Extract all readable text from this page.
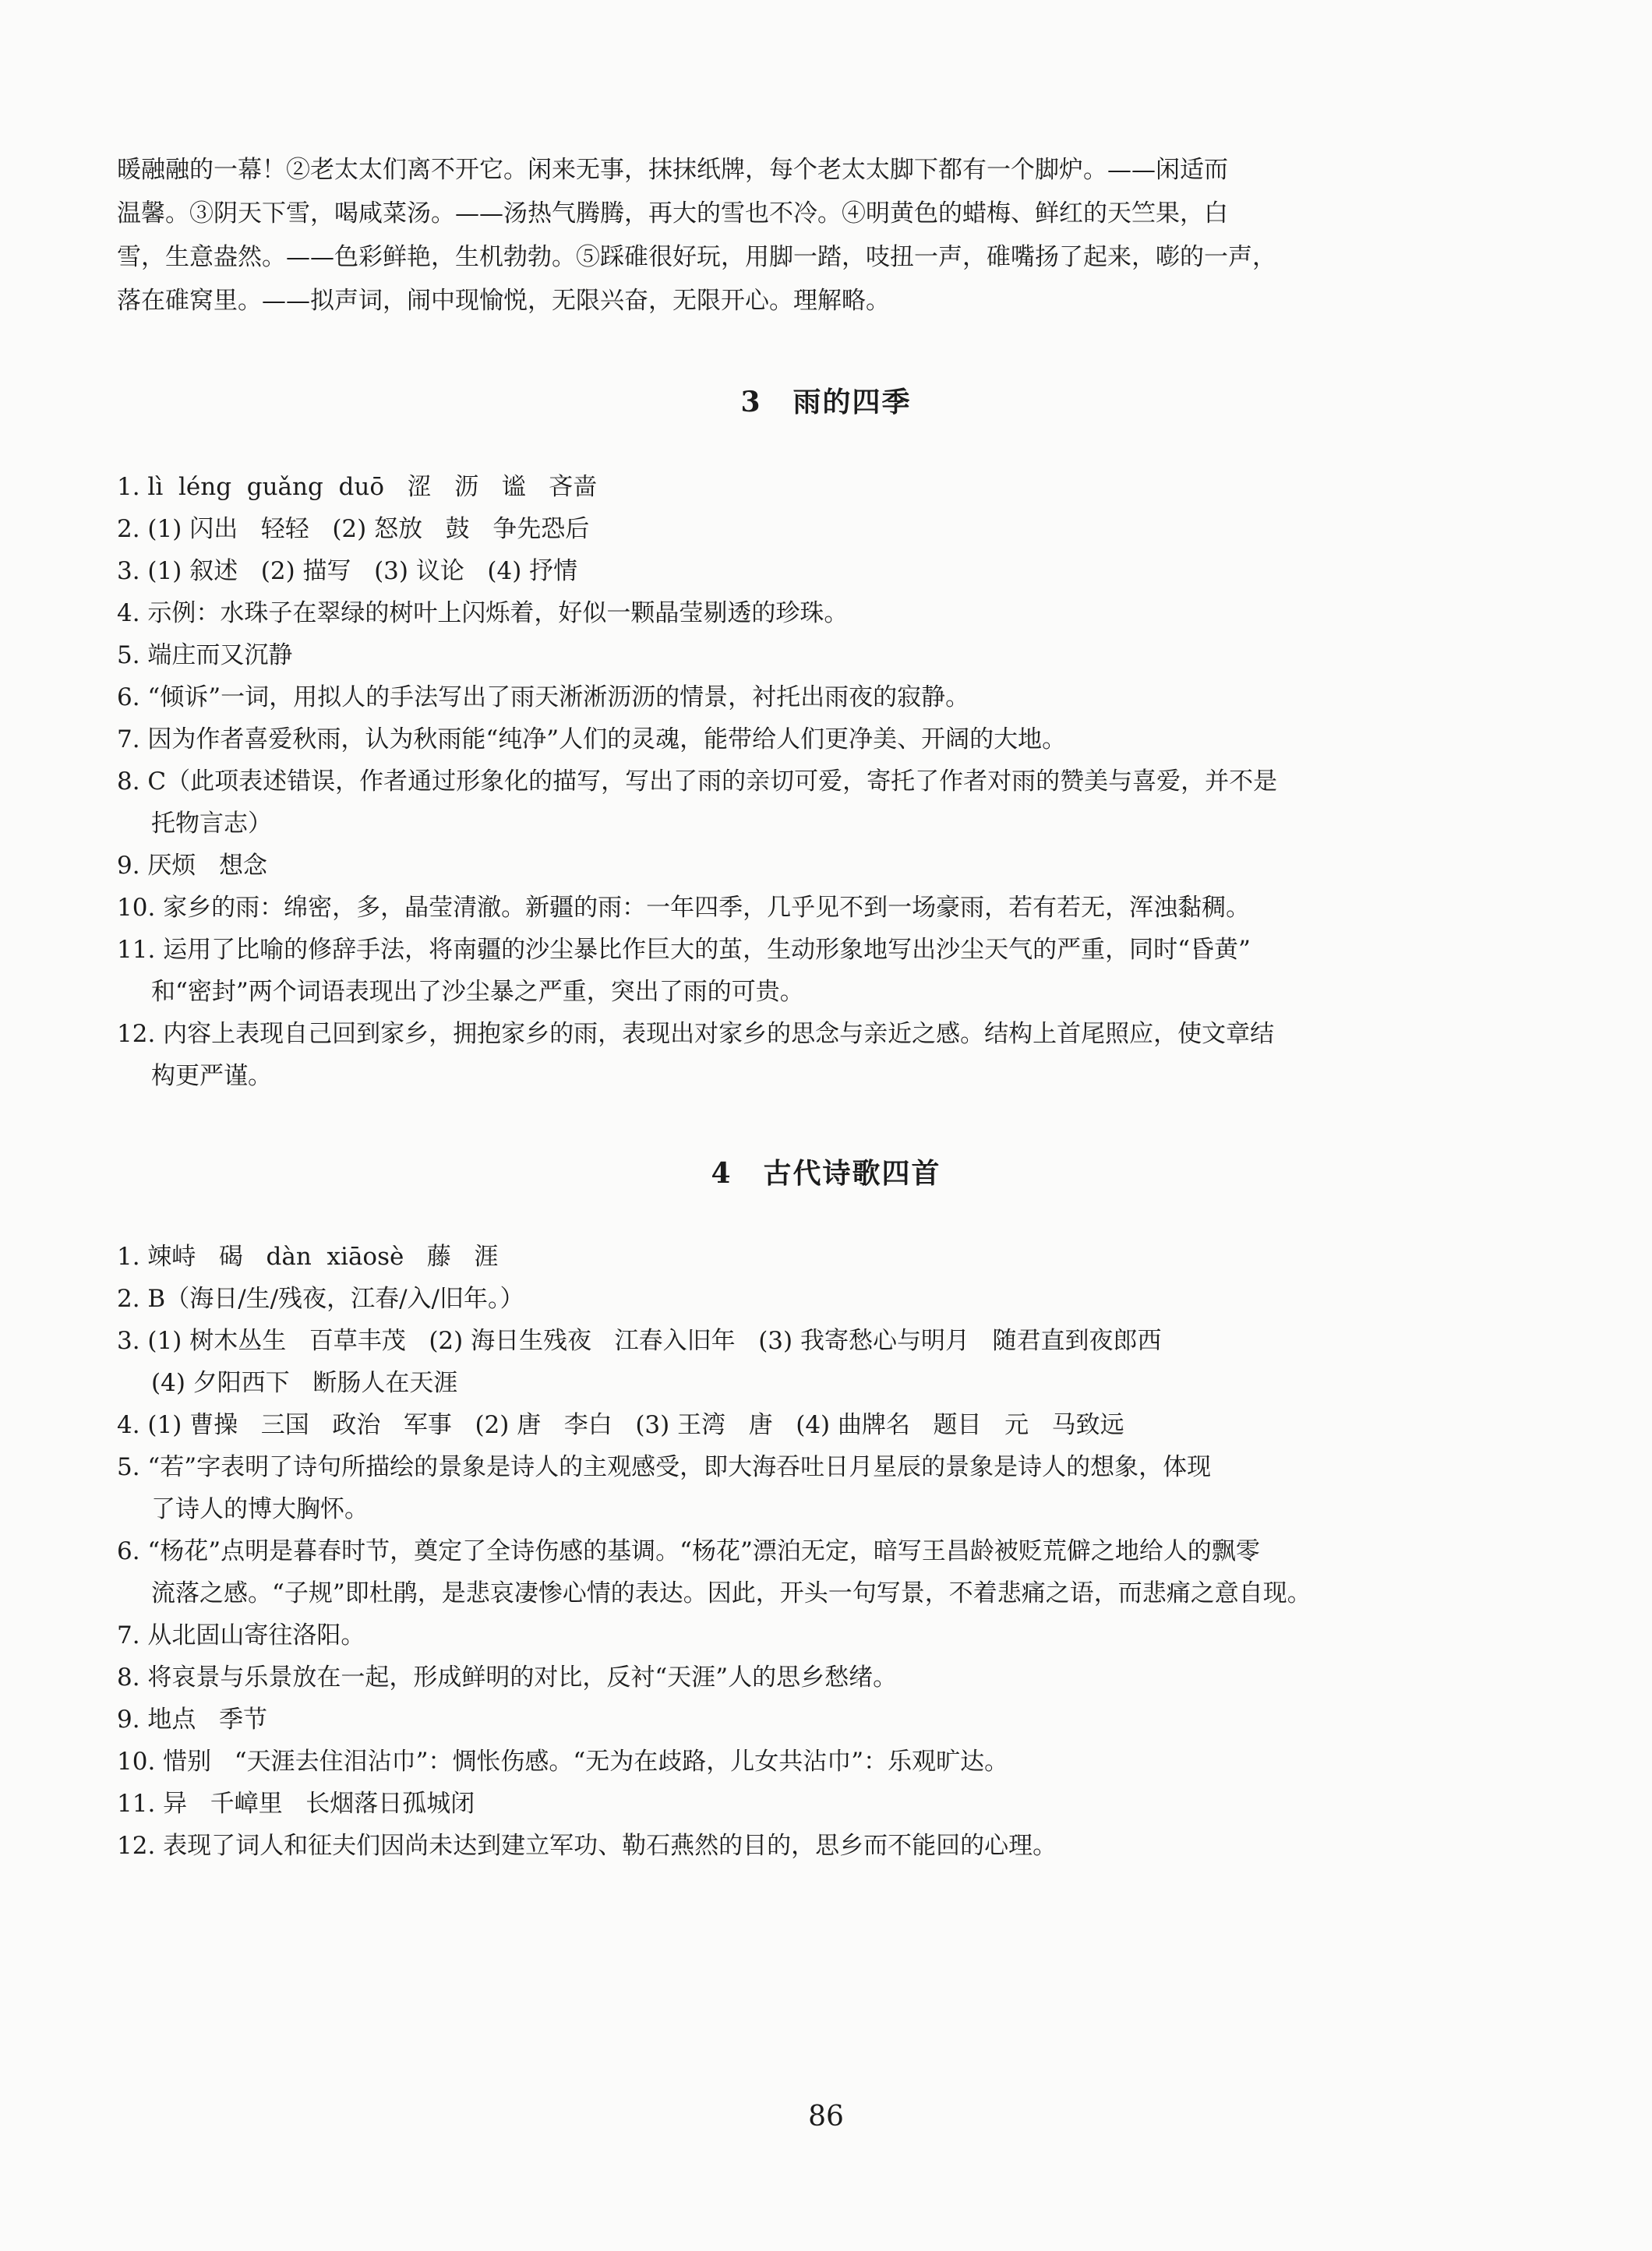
暖融融的一幕！②老太太们离不开它。闲来无事，抹抹纸牌，每个老太太脚下都有一个脚炉。——闲适而

温馨。③阴天下雪，喝咸菜汤。——汤热气腾腾，再大的雪也不冷。④明黄色的蜡梅、鲜红的天竺果，白

雪，生意盎然。——色彩鲜艳，生机勃勃。⑤踩碓很好玩，用脚一踏，吱扭一声，碓嘴扬了起来，嘭的一声，

落在碓窝里。——拟声词，闹中现愉悦，无限兴奋，无限开心。理解略。

3 雨的四季

1. lì  léng  guǎng  duō   涩   沥   谧   吝啬

2. (1) 闪出   轻轻   (2) 怒放   鼓   争先恐后

3. (1) 叙述   (2) 描写   (3) 议论   (4) 抒情

4. 示例：水珠子在翠绿的树叶上闪烁着，好似一颗晶莹剔透的珍珠。

5. 端庄而又沉静

6. “倾诉”一词，用拟人的手法写出了雨天淅淅沥沥的情景，衬托出雨夜的寂静。

7. 因为作者喜爱秋雨，认为秋雨能“纯净”人们的灵魂，能带给人们更净美、开阔的大地。

8. C（此项表述错误，作者通过形象化的描写，写出了雨的亲切可爱，寄托了作者对雨的赞美与喜爱，并不是

托物言志）

9. 厌烦   想念

10. 家乡的雨：绵密，多，晶莹清澈。新疆的雨：一年四季，几乎见不到一场豪雨，若有若无，浑浊黏稠。

11. 运用了比喻的修辞手法，将南疆的沙尘暴比作巨大的茧，生动形象地写出沙尘天气的严重，同时“昏黄”

和“密封”两个词语表现出了沙尘暴之严重，突出了雨的可贵。

12. 内容上表现自己回到家乡，拥抱家乡的雨，表现出对家乡的思念与亲近之感。结构上首尾照应，使文章结

构更严谨。

4 古代诗歌四首

1. 竦峙   碣   dàn  xiāosè   藤   涯

2. B（海日/生/残夜，江春/入/旧年。）

3. (1) 树木丛生   百草丰茂   (2) 海日生残夜   江春入旧年   (3) 我寄愁心与明月   随君直到夜郎西

(4) 夕阳西下   断肠人在天涯

4. (1) 曹操   三国   政治   军事   (2) 唐   李白   (3) 王湾   唐   (4) 曲牌名   题目   元   马致远

5. “若”字表明了诗句所描绘的景象是诗人的主观感受，即大海吞吐日月星辰的景象是诗人的想象，体现

了诗人的博大胸怀。

6. “杨花”点明是暮春时节，奠定了全诗伤感的基调。“杨花”漂泊无定，暗写王昌龄被贬荒僻之地给人的飘零

流落之感。“子规”即杜鹃，是悲哀凄惨心情的表达。因此，开头一句写景，不着悲痛之语，而悲痛之意自现。

7. 从北固山寄往洛阳。

8. 将哀景与乐景放在一起，形成鲜明的对比，反衬“天涯”人的思乡愁绪。

9. 地点   季节

10. 惜别   “天涯去住泪沾巾”：惆怅伤感。“无为在歧路，儿女共沾巾”：乐观旷达。

11. 异   千嶂里   长烟落日孤城闭

12. 表现了词人和征夫们因尚未达到建立军功、勒石燕然的目的，思乡而不能回的心理。

86
